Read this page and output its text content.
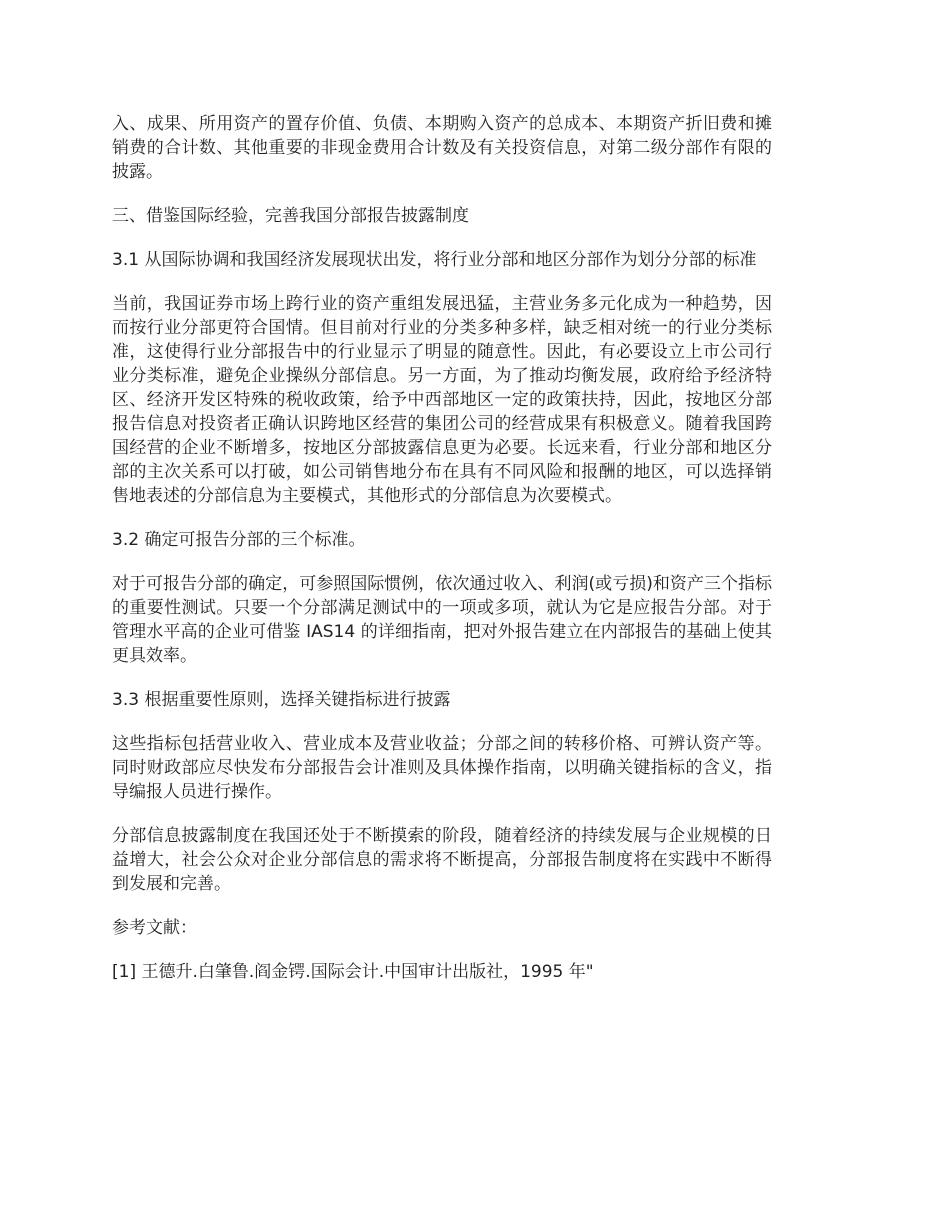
入、成果、所用资产的置存价值、负债、本期购入资产的总成本、本期资产折旧费和摊销费的合计数、其他重要的非现金费用合计数及有关投资信息，对第二级分部作有限的披露。

三、借鉴国际经验，完善我国分部报告披露制度

3.1 从国际协调和我国经济发展现状出发，将行业分部和地区分部作为划分分部的标准

当前，我国证券市场上跨行业的资产重组发展迅猛，主营业务多元化成为一种趋势，因而按行业分部更符合国情。但目前对行业的分类多种多样，缺乏相对统一的行业分类标准，这使得行业分部报告中的行业显示了明显的随意性。因此，有必要设立上市公司行业分类标准，避免企业操纵分部信息。另一方面，为了推动均衡发展，政府给予经济特区、经济开发区特殊的税收政策，给予中西部地区一定的政策扶持，因此，按地区分部报告信息对投资者正确认识跨地区经营的集团公司的经营成果有积极意义。随着我国跨国经营的企业不断增多，按地区分部披露信息更为必要。长远来看，行业分部和地区分部的主次关系可以打破，如公司销售地分布在具有不同风险和报酬的地区，可以选择销售地表述的分部信息为主要模式，其他形式的分部信息为次要模式。

3.2 确定可报告分部的三个标准。

对于可报告分部的确定，可参照国际惯例，依次通过收入、利润(或亏损)和资产三个指标的重要性测试。只要一个分部满足测试中的一项或多项，就认为它是应报告分部。对于管理水平高的企业可借鉴 IAS14 的详细指南，把对外报告建立在内部报告的基础上使其更具效率。

3.3 根据重要性原则，选择关键指标进行披露

这些指标包括营业收入、营业成本及营业收益；分部之间的转移价格、可辨认资产等。同时财政部应尽快发布分部报告会计准则及具体操作指南，以明确关键指标的含义，指导编报人员进行操作。

分部信息披露制度在我国还处于不断摸索的阶段，随着经济的持续发展与企业规模的日益增大，社会公众对企业分部信息的需求将不断提高，分部报告制度将在实践中不断得到发展和完善。

参考文献：

[1] 王德升.白肇鲁.阎金锷.国际会计.中国审计出版社，1995 年"
